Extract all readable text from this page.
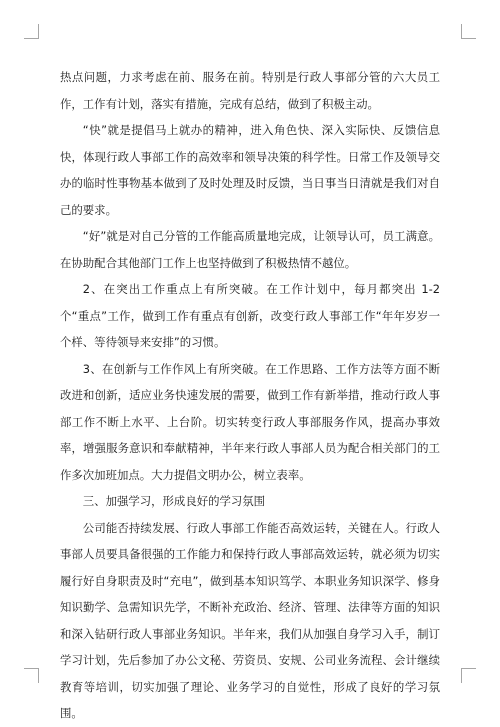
热点问题，力求考虑在前、服务在前。特别是行政人事部分管的六大员工作，工作有计划，落实有措施，完成有总结，做到了积极主动。

“快”就是提倡马上就办的精神，进入角色快、深入实际快、反馈信息快，体现行政人事部工作的高效率和领导决策的科学性。日常工作及领导交办的临时性事物基本做到了及时处理及时反馈，当日事当日清就是我们对自己的要求。

“好”就是对自己分管的工作能高质量地完成，让领导认可，员工满意。在协助配合其他部门工作上也坚持做到了积极热情不越位。

2、在突出工作重点上有所突破。在工作计划中，每月都突出 1-2 个“重点”工作，做到工作有重点有创新，改变行政人事部工作“年年岁岁一个样、等待领导来安排”的习惯。

3、在创新与工作作风上有所突破。在工作思路、工作方法等方面不断改进和创新，适应业务快速发展的需要，做到工作有新举措，推动行政人事部工作不断上水平、上台阶。切实转变行政人事部服务作风，提高办事效率，增强服务意识和奉献精神，半年来行政人事部人员为配合相关部门的工作多次加班加点。大力提倡文明办公，树立表率。

三、加强学习，形成良好的学习氛围

公司能否持续发展、行政人事部工作能否高效运转，关键在人。行政人事部人员要具备很强的工作能力和保持行政人事部高效运转，就必须为切实履行好自身职责及时“充电”，做到基本知识笃学、本职业务知识深学、修身知识勤学、急需知识先学，不断补充政治、经济、管理、法律等方面的知识和深入钻研行政人事部业务知识。半年来，我们从加强自身学习入手，制订学习计划，先后参加了办公文秘、劳资员、安规、公司业务流程、会计继续教育等培训，切实加强了理论、业务学习的自觉性，形成了良好的学习氛围。
